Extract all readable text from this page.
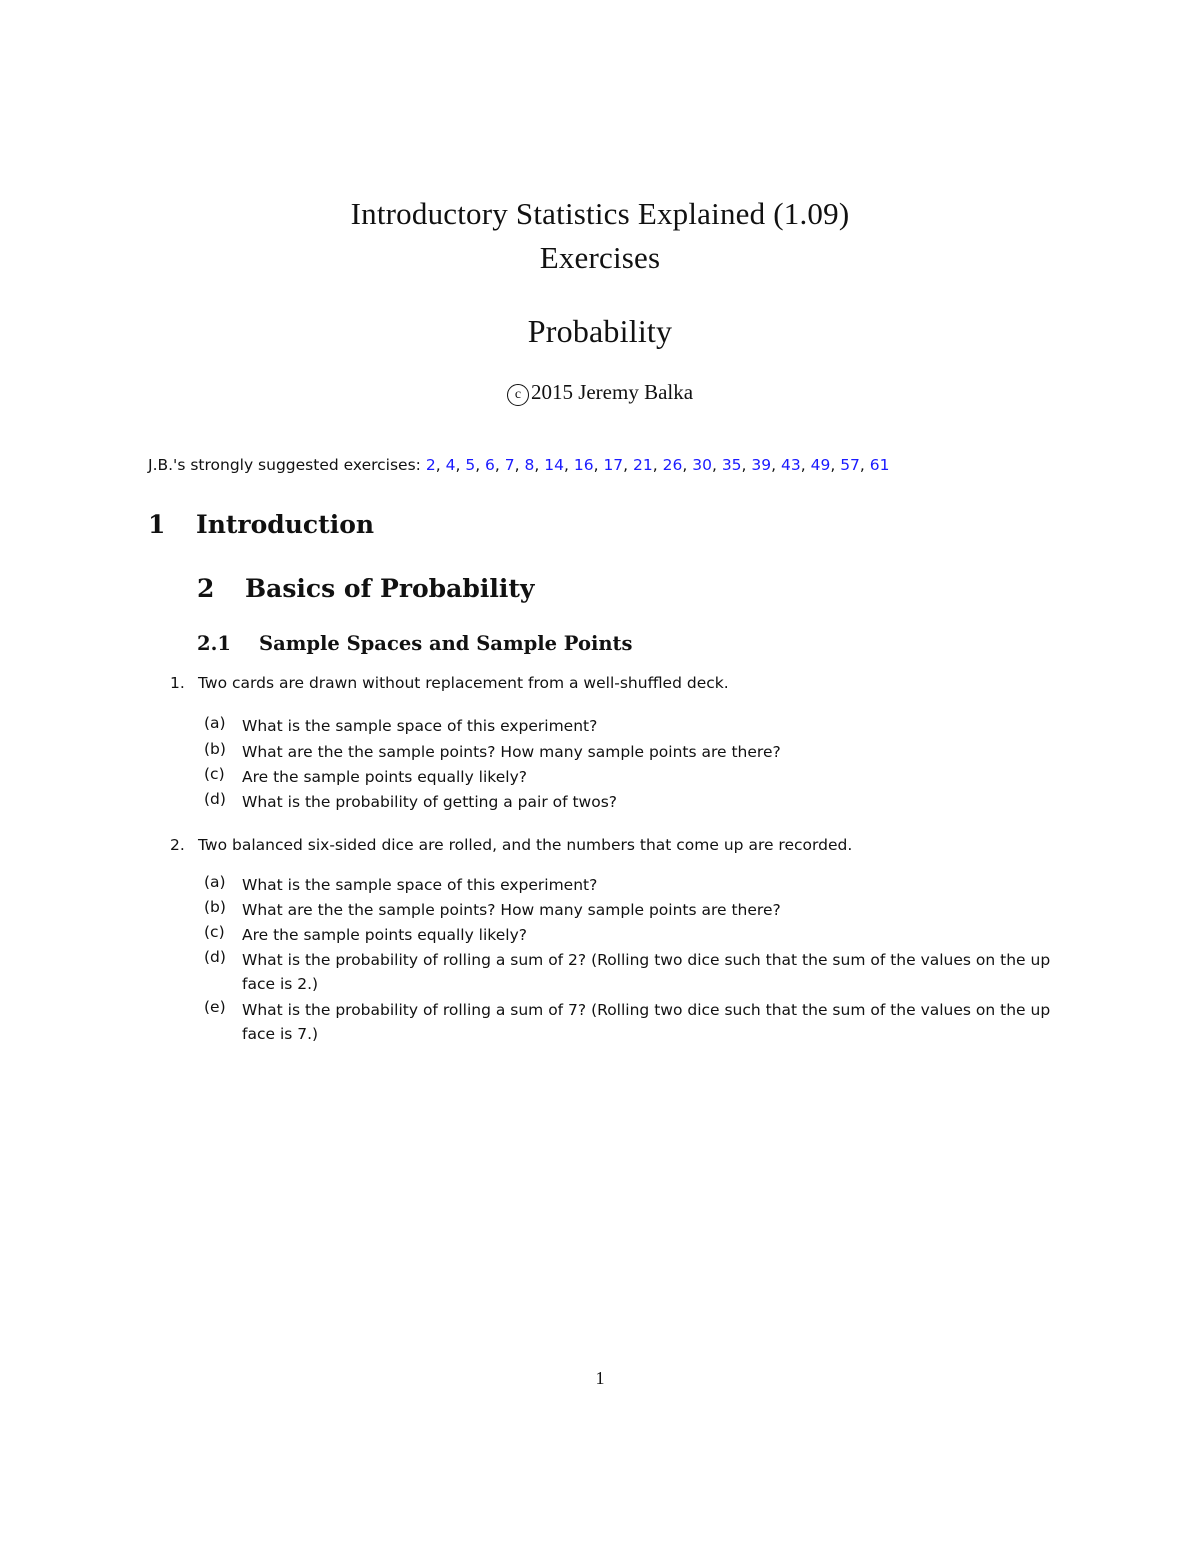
Introductory Statistics Explained (1.09)
Exercises
Probability
c 2015 Jeremy Balka
J.B.'s strongly suggested exercises: 2, 4, 5, 6, 7, 8, 14, 16, 17, 21, 26, 30, 35, 39, 43, 49, 57, 61
1 Introduction
2 Basics of Probability
2.1 Sample Spaces and Sample Points
1. Two cards are drawn without replacement from a well-shuffled deck.
(a) What is the sample space of this experiment?
(b) What are the the sample points? How many sample points are there?
(c) Are the sample points equally likely?
(d) What is the probability of getting a pair of twos?
2. Two balanced six-sided dice are rolled, and the numbers that come up are recorded.
(a) What is the sample space of this experiment?
(b) What are the the sample points? How many sample points are there?
(c) Are the sample points equally likely?
(d) What is the probability of rolling a sum of 2? (Rolling two dice such that the sum of the values on the up face is 2.)
(e) What is the probability of rolling a sum of 7? (Rolling two dice such that the sum of the values on the up face is 7.)
1
